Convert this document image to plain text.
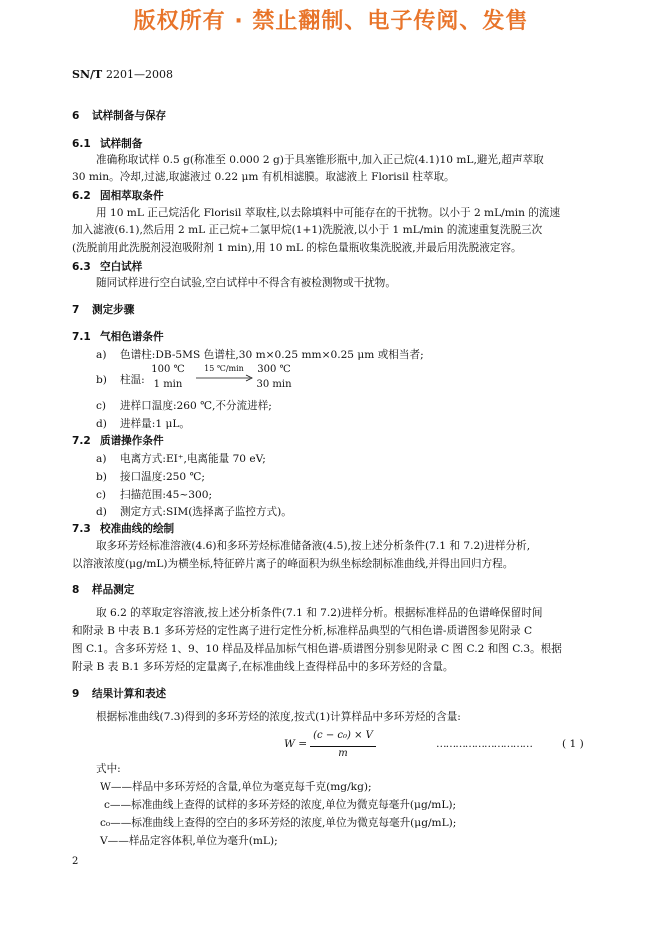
版权所有 · 禁止翻制、电子传阅、发售
SN/T 2201—2008
6 试样制备与保存
6.1 试样制备
准确称取试样 0.5 g(称准至 0.000 2 g)于具塞锥形瓶中,加入正己烷(4.1)10 mL,避光,超声萃取
30 min。冷却,过滤,取滤液过 0.22 μm 有机相滤膜。取滤液上 Florisil 柱萃取。
6.2 固相萃取条件
用 10 mL 正己烷活化 Florisil 萃取柱,以去除填料中可能存在的干扰物。以小于 2 mL/min 的流速
加入滤液(6.1),然后用 2 mL 正己烷+二氯甲烷(1+1)洗脱液,以小于 1 mL/min 的流速重复洗脱三次
(洗脱前用此洗脱剂浸泡吸附剂 1 min),用 10 mL 的棕色量瓶收集洗脱液,并最后用洗脱液定容。
6.3 空白试样
随同试样进行空白试验,空白试样中不得含有被检测物或干扰物。
7 测定步骤
7.1 气相色谱条件
a) 色谱柱:DB-5MS 色谱柱,30 m×0.25 mm×0.25 μm 或相当者;
b) 柱温:
100 ℃
1 min
15 ℃/min	300 ℃
30 min
c) 进样口温度:260 ℃,不分流进样;
d) 进样量:1 μL。
7.2 质谱操作条件
a) 电离方式:EI⁺,电离能量 70 eV;
b) 接口温度:250 ℃;
c) 扫描范围:45~300;
d) 测定方式:SIM(选择离子监控方式)。
7.3 校准曲线的绘制
取多环芳烃标准溶液(4.6)和多环芳烃标准储备液(4.5),按上述分析条件(7.1 和 7.2)进样分析,
以溶液浓度(μg/mL)为横坐标,特征碎片离子的峰面积为纵坐标绘制标准曲线,并得出回归方程。
8 样品测定
取 6.2 的萃取定容溶液,按上述分析条件(7.1 和 7.2)进样分析。根据标准样品的色谱峰保留时间
和附录 B 中表 B.1 多环芳烃的定性离子进行定性分析,标准样品典型的气相色谱-质谱图参见附录 C
图 C.1。含多环芳烃 1、9、10 样品及样品加标气相色谱-质谱图分别参见附录 C 图 C.2 和图 C.3。根据
附录 B 表 B.1 多环芳烃的定量离子,在标准曲线上查得样品中的多环芳烃的含量。
9 结果计算和表述
根据标准曲线(7.3)得到的多环芳烃的浓度,按式(1)计算样品中多环芳烃的含量:
W =
(c − c₀) × V
m
…………………………	( 1 )
式中:
W——样品中多环芳烃的含量,单位为毫克每千克(mg/kg);
c——标准曲线上查得的试样的多环芳烃的浓度,单位为微克每毫升(μg/mL);
c₀——标准曲线上查得的空白的多环芳烃的浓度,单位为微克每毫升(μg/mL);
V——样品定容体积,单位为毫升(mL);
2
